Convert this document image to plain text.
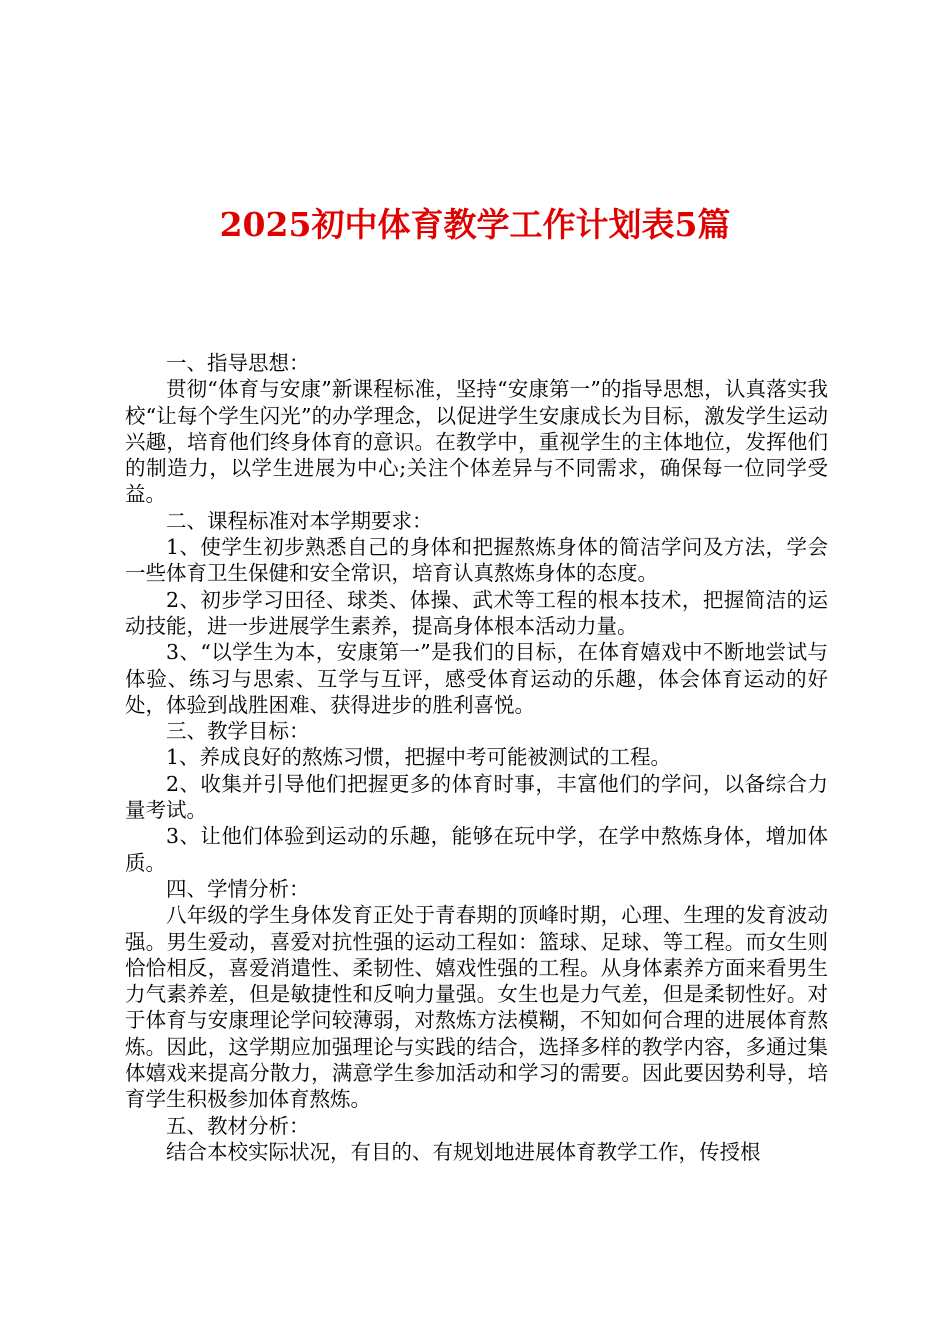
2025初中体育教学工作计划表5篇

一、指导思想：

贯彻“体育与安康”新课程标准，坚持“安康第一”的指导思想，认真落实我校“让每个学生闪光”的办学理念，以促进学生安康成长为目标，激发学生运动兴趣，培育他们终身体育的意识。在教学中，重视学生的主体地位，发挥他们的制造力，以学生进展为中心;关注个体差异与不同需求，确保每一位同学受益。

二、课程标准对本学期要求：

1、使学生初步熟悉自己的身体和把握熬炼身体的简洁学问及方法，学会一些体育卫生保健和安全常识，培育认真熬炼身体的态度。

2、初步学习田径、球类、体操、武术等工程的根本技术，把握简洁的运动技能，进一步进展学生素养，提高身体根本活动力量。

3、“以学生为本，安康第一”是我们的目标，在体育嬉戏中不断地尝试与体验、练习与思索、互学与互评，感受体育运动的乐趣，体会体育运动的好处，体验到战胜困难、获得进步的胜利喜悦。

三、教学目标：

1、养成良好的熬炼习惯，把握中考可能被测试的工程。

2、收集并引导他们把握更多的体育时事，丰富他们的学问，以备综合力量考试。

3、让他们体验到运动的乐趣，能够在玩中学，在学中熬炼身体，增加体质。

四、学情分析：

八年级的学生身体发育正处于青春期的顶峰时期，心理、生理的发育波动强。男生爱动，喜爱对抗性强的运动工程如：篮球、足球、等工程。而女生则恰恰相反，喜爱消遣性、柔韧性、嬉戏性强的工程。从身体素养方面来看男生力气素养差，但是敏捷性和反响力量强。女生也是力气差，但是柔韧性好。对于体育与安康理论学问较薄弱，对熬炼方法模糊，不知如何合理的进展体育熬炼。因此，这学期应加强理论与实践的结合，选择多样的教学内容，多通过集体嬉戏来提高分散力，满意学生参加活动和学习的需要。因此要因势利导，培育学生积极参加体育熬炼。

五、教材分析：

结合本校实际状况，有目的、有规划地进展体育教学工作，传授根
